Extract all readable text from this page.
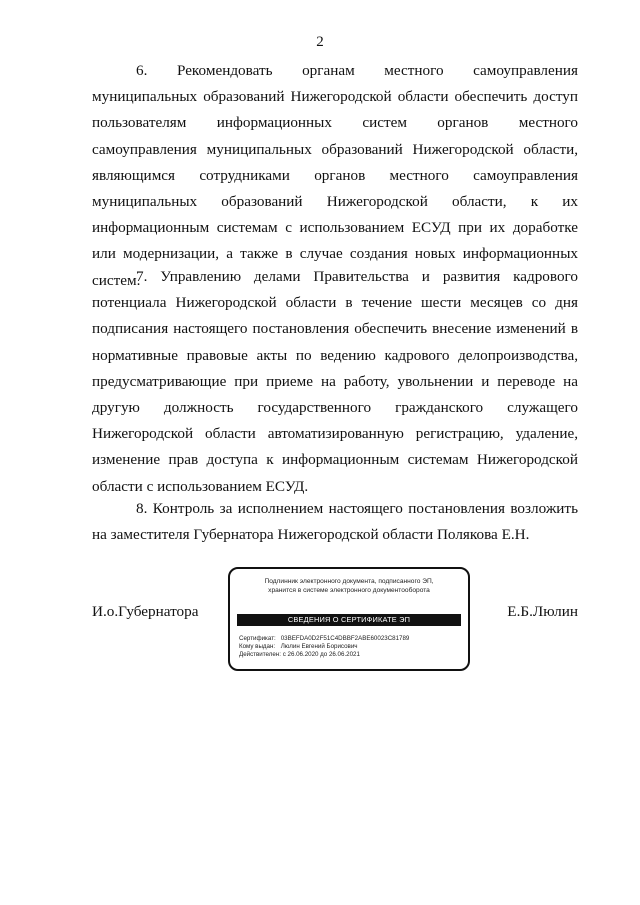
2

6. Рекомендовать органам местного самоуправления муниципальных образований Нижегородской области обеспечить доступ пользователям информационных систем органов местного самоуправления муниципальных образований Нижегородской области, являющимся сотрудниками органов местного самоуправления муниципальных образований Нижегородской области, к их информационным системам с использованием ЕСУД при их доработке или модернизации, а также в случае создания новых информационных систем.

7. Управлению делами Правительства и развития кадрового потенциала Нижегородской области в течение шести месяцев со дня подписания настоящего постановления обеспечить внесение изменений в нормативные правовые акты по ведению кадрового делопроизводства, предусматривающие при приеме на работу, увольнении и переводе на другую должность государственного гражданского служащего Нижегородской области автоматизированную регистрацию, удаление, изменение прав доступа к информационным системам Нижегородской области с использованием ЕСУД.

8. Контроль за исполнением настоящего постановления возложить на заместителя Губернатора Нижегородской области Полякова Е.Н.

И.о.Губернатора
Подлинник электронного документа, подписанного ЭП,
хранится в системе электронного документооборота
СВЕДЕНИЯ О СЕРТИФИКАТЕ ЭП
Сертификат: 03BEFDA0D2F51C4DBBF2ABE60023C81789
Кому выдан: Люлин Евгений Борисович
Действителен: с 26.06.2020 до 26.06.2021
Е.Б.Люлин
